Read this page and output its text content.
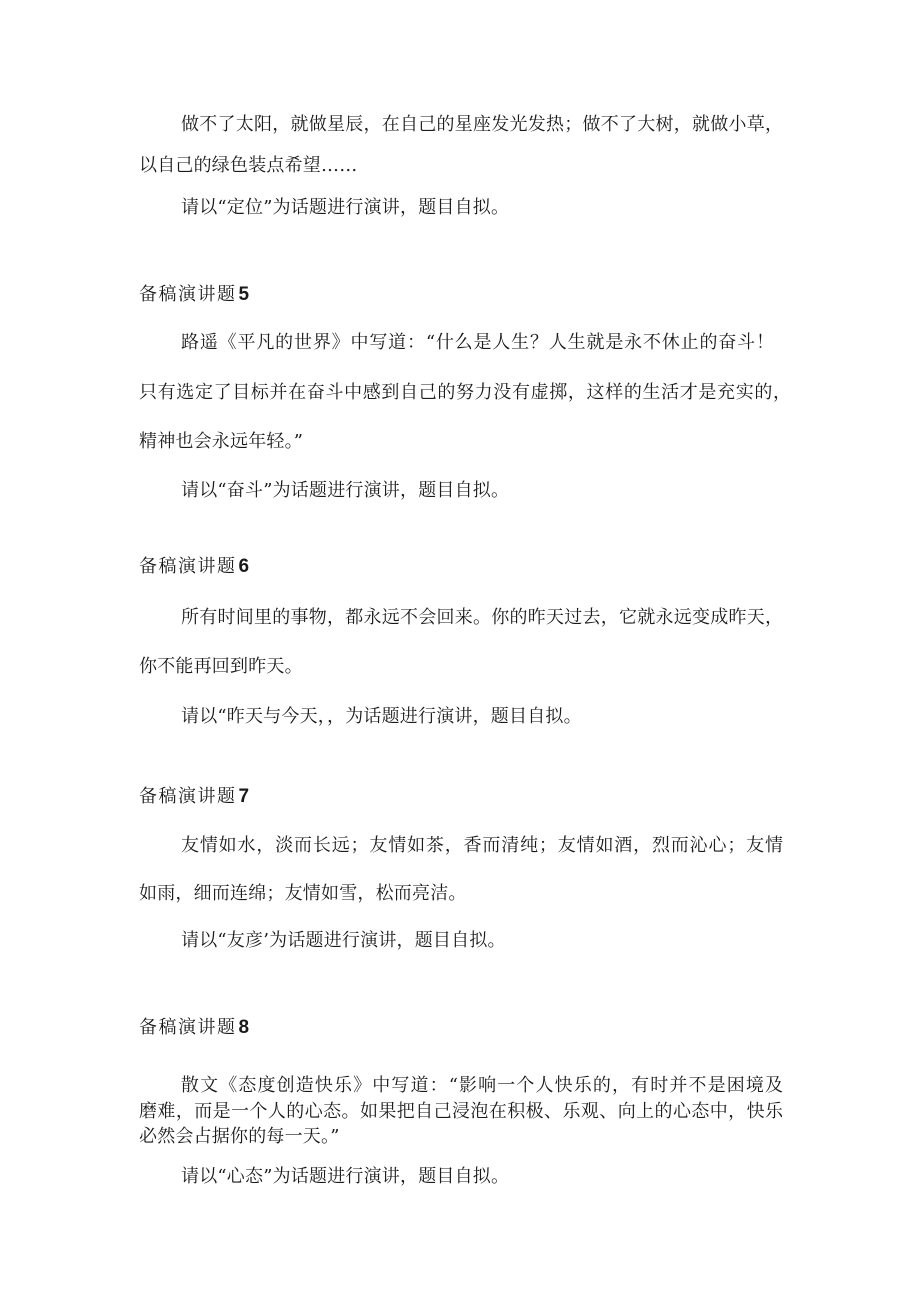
做不了太阳，就做星辰，在自己的星座发光发热；做不了大树，就做小草，
以自己的绿色装点希望……
请以“定位”为话题进行演讲，题目自拟。
备稿演讲题 5
路遥《平凡的世界》中写道：“什么是人生？人生就是永不休止的奋斗！
只有选定了目标并在奋斗中感到自己的努力没有虚掷，这样的生活才是充实的，
精神也会永远年轻。”
请以“奋斗”为话题进行演讲，题目自拟。
备稿演讲题 6
所有时间里的事物，都永远不会回来。你的昨天过去，它就永远变成昨天，
你不能再回到昨天。
请以“昨天与今天，，为话题进行演讲，题目自拟。
备稿演讲题 7
友情如水，淡而长远；友情如茶，香而清纯；友情如酒，烈而沁心；友情
如雨，细而连绵；友情如雪，松而亮洁。
请以“友彦’为话题进行演讲，题目自拟。
备稿演讲题 8
散文《态度创造快乐》中写道：“影响一个人快乐的，有时并不是困境及
磨难，而是一个人的心态。如果把自己浸泡在积极、乐观、向上的心态中，快乐
必然会占据你的每一天。”
请以“心态”为话题进行演讲，题目自拟。
